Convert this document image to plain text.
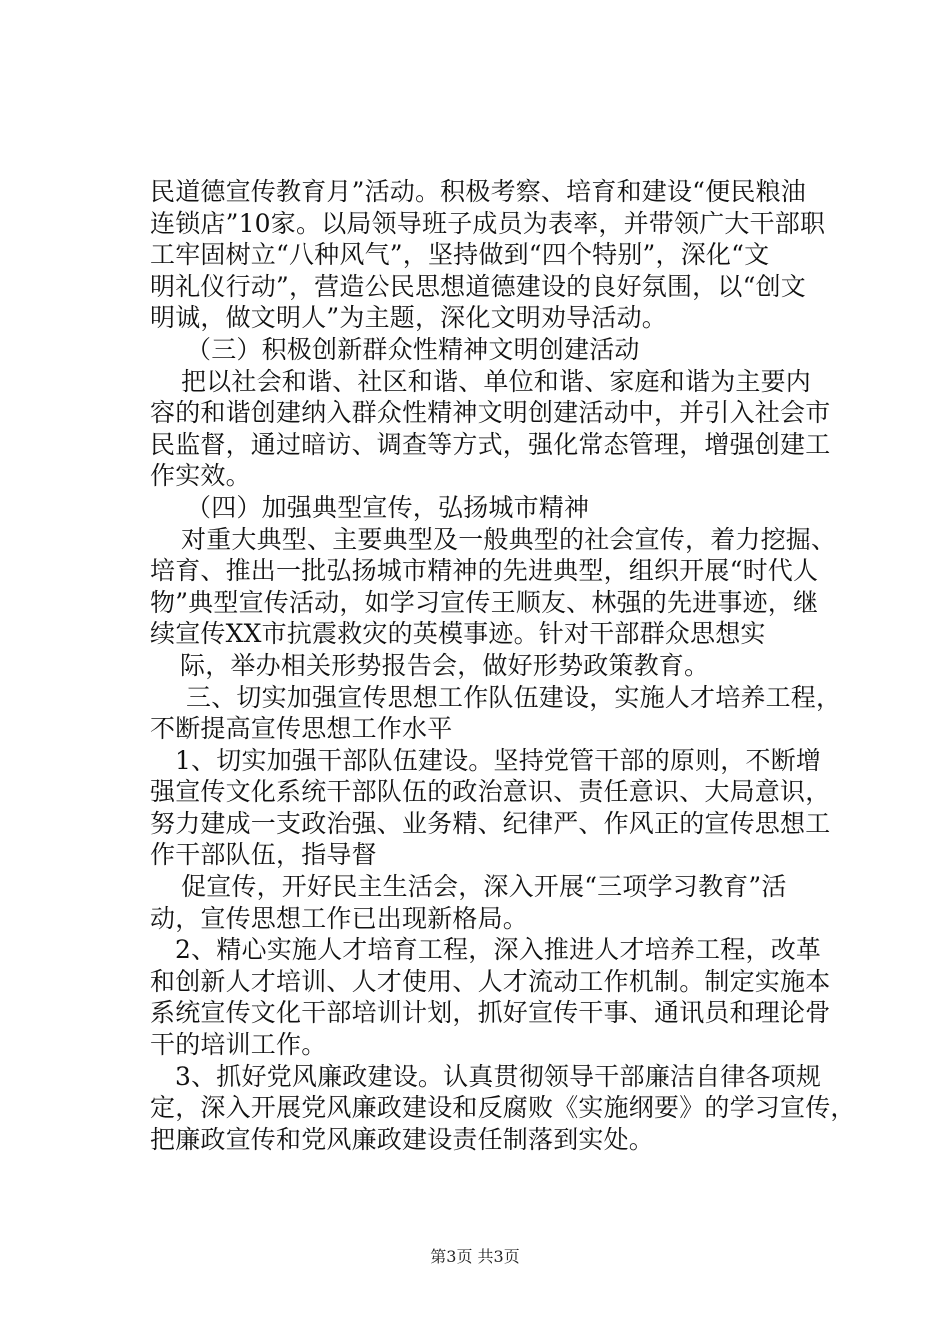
民道德宣传教育月”活动。积极考察、培育和建设“便民粮油
连锁店”10家。以局领导班子成员为表率，并带领广大干部职
工牢固树立“八种风气”，坚持做到“四个特别”，深化“文
明礼仪行动”，营造公民思想道德建设的良好氛围，以“创文
明诚，做文明人”为主题，深化文明劝导活动。
（三）积极创新群众性精神文明创建活动
把以社会和谐、社区和谐、单位和谐、家庭和谐为主要内
容的和谐创建纳入群众性精神文明创建活动中，并引入社会市
民监督，通过暗访、调查等方式，强化常态管理，增强创建工
作实效。
（四）加强典型宣传，弘扬城市精神
对重大典型、主要典型及一般典型的社会宣传，着力挖掘、
培育、推出一批弘扬城市精神的先进典型，组织开展“时代人
物”典型宣传活动，如学习宣传王顺友、林强的先进事迹，继
续宣传XX市抗震救灾的英模事迹。针对干部群众思想实
际，举办相关形势报告会，做好形势政策教育。
三、切实加强宣传思想工作队伍建设，实施人才培养工程，
不断提高宣传思想工作水平
1、切实加强干部队伍建设。坚持党管干部的原则，不断增
强宣传文化系统干部队伍的政治意识、责任意识、大局意识，
努力建成一支政治强、业务精、纪律严、作风正的宣传思想工
作干部队伍，指导督
促宣传，开好民主生活会，深入开展“三项学习教育”活
动，宣传思想工作已出现新格局。
2、精心实施人才培育工程，深入推进人才培养工程，改革
和创新人才培训、人才使用、人才流动工作机制。制定实施本
系统宣传文化干部培训计划，抓好宣传干事、通讯员和理论骨
干的培训工作。
3、抓好党风廉政建设。认真贯彻领导干部廉洁自律各项规
定，深入开展党风廉政建设和反腐败《实施纲要》的学习宣传，
把廉政宣传和党风廉政建设责任制落到实处。
第3页 共3页
